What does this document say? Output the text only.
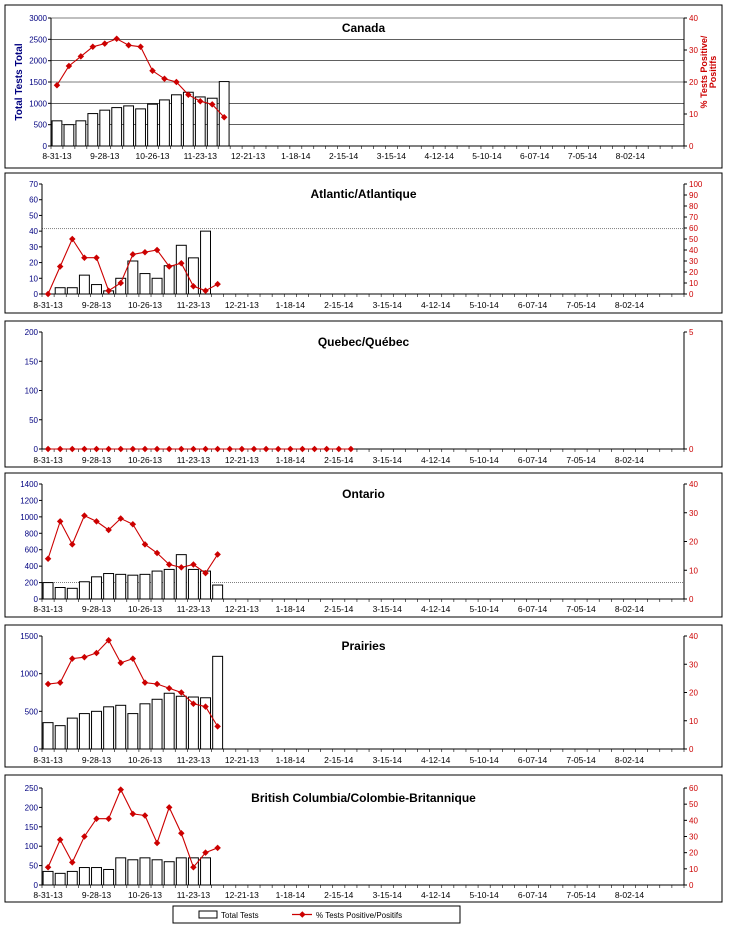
0
500
1000
1500
2000
2500
3000
0
10
20
30
40
8-31-13 9-28-13 10-26-13 11-23-13 12-21-13 1-18-14 2-15-14 3-15-14 4-12-14 5-10-14 6-07-14 7-05-14 8-02-14
Canada
Total Tests Total	% Tests Positive/ Positifs
0
10
20
30
40
50
60
70
0
10
20
30
40
50
60
70
80
90
100
8-31-13 9-28-13 10-26-13 11-23-13 12-21-13 1-18-14 2-15-14 3-15-14 4-12-14 5-10-14 6-07-14 7-05-14 8-02-14
Atlantic/Atlantique
0
50
100
150
200
0
5
8-31-13 9-28-13 10-26-13 11-23-13 12-21-13 1-18-14 2-15-14 3-15-14 4-12-14 5-10-14 6-07-14 7-05-14 8-02-14
Quebec/Québec
0
200
400
600
800
1000
1200
1400
0
10
20
30
40
8-31-13 9-28-13 10-26-13 11-23-13 12-21-13 1-18-14 2-15-14 3-15-14 4-12-14 5-10-14 6-07-14 7-05-14 8-02-14
Ontario
0
500
1000
1500
0
10
20
30
40
8-31-13 9-28-13 10-26-13 11-23-13 12-21-13 1-18-14 2-15-14 3-15-14 4-12-14 5-10-14 6-07-14 7-05-14 8-02-14
Prairies
0
50
100
150
200
250
0
10
20
30
40
50
60
8-31-13 9-28-13 10-26-13 11-23-13 12-21-13 1-18-14 2-15-14 3-15-14 4-12-14 5-10-14 6-07-14 7-05-14 8-02-14
British Columbia/Colombie-Britannique
Total Tests	% Tests Positive/Positifs
